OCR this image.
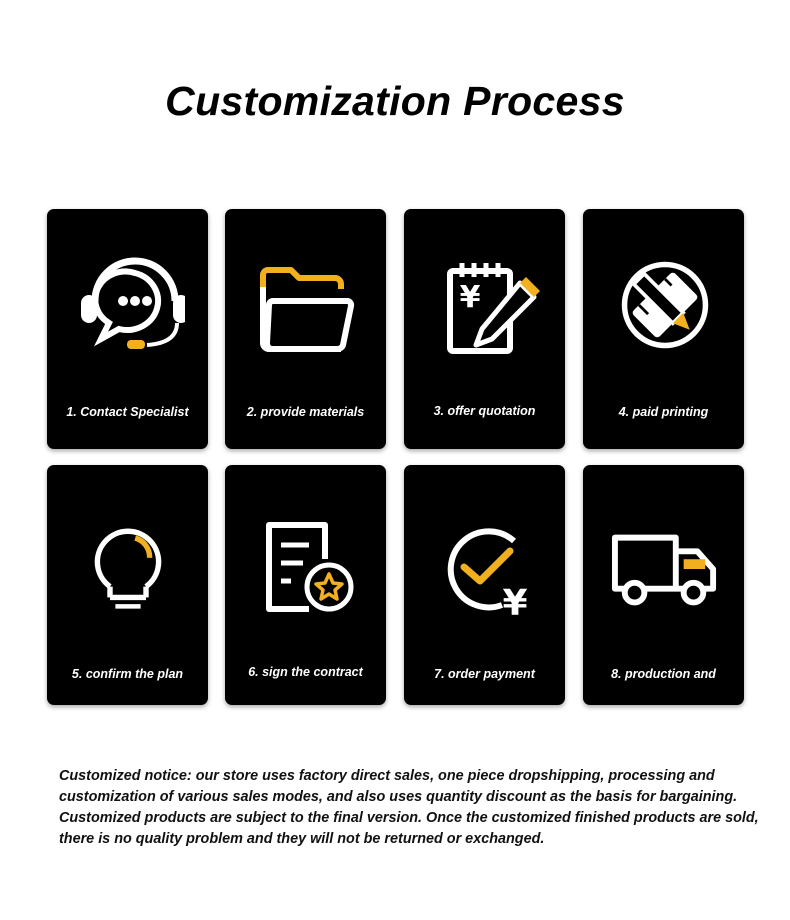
Customization Process
1. Contact Specialist	2. provide materials
¥
3. offer quotation	4. paid printing
5. confirm the plan	6. sign the contract
¥
7. order payment	8. production and
Customized notice: our store uses factory direct sales, one piece dropshipping, processing and customization of various sales modes, and also uses quantity discount as the basis for bargaining. Customized products are subject to the final version. Once the customized finished products are sold, there is no quality problem and they will not be returned or exchanged.
